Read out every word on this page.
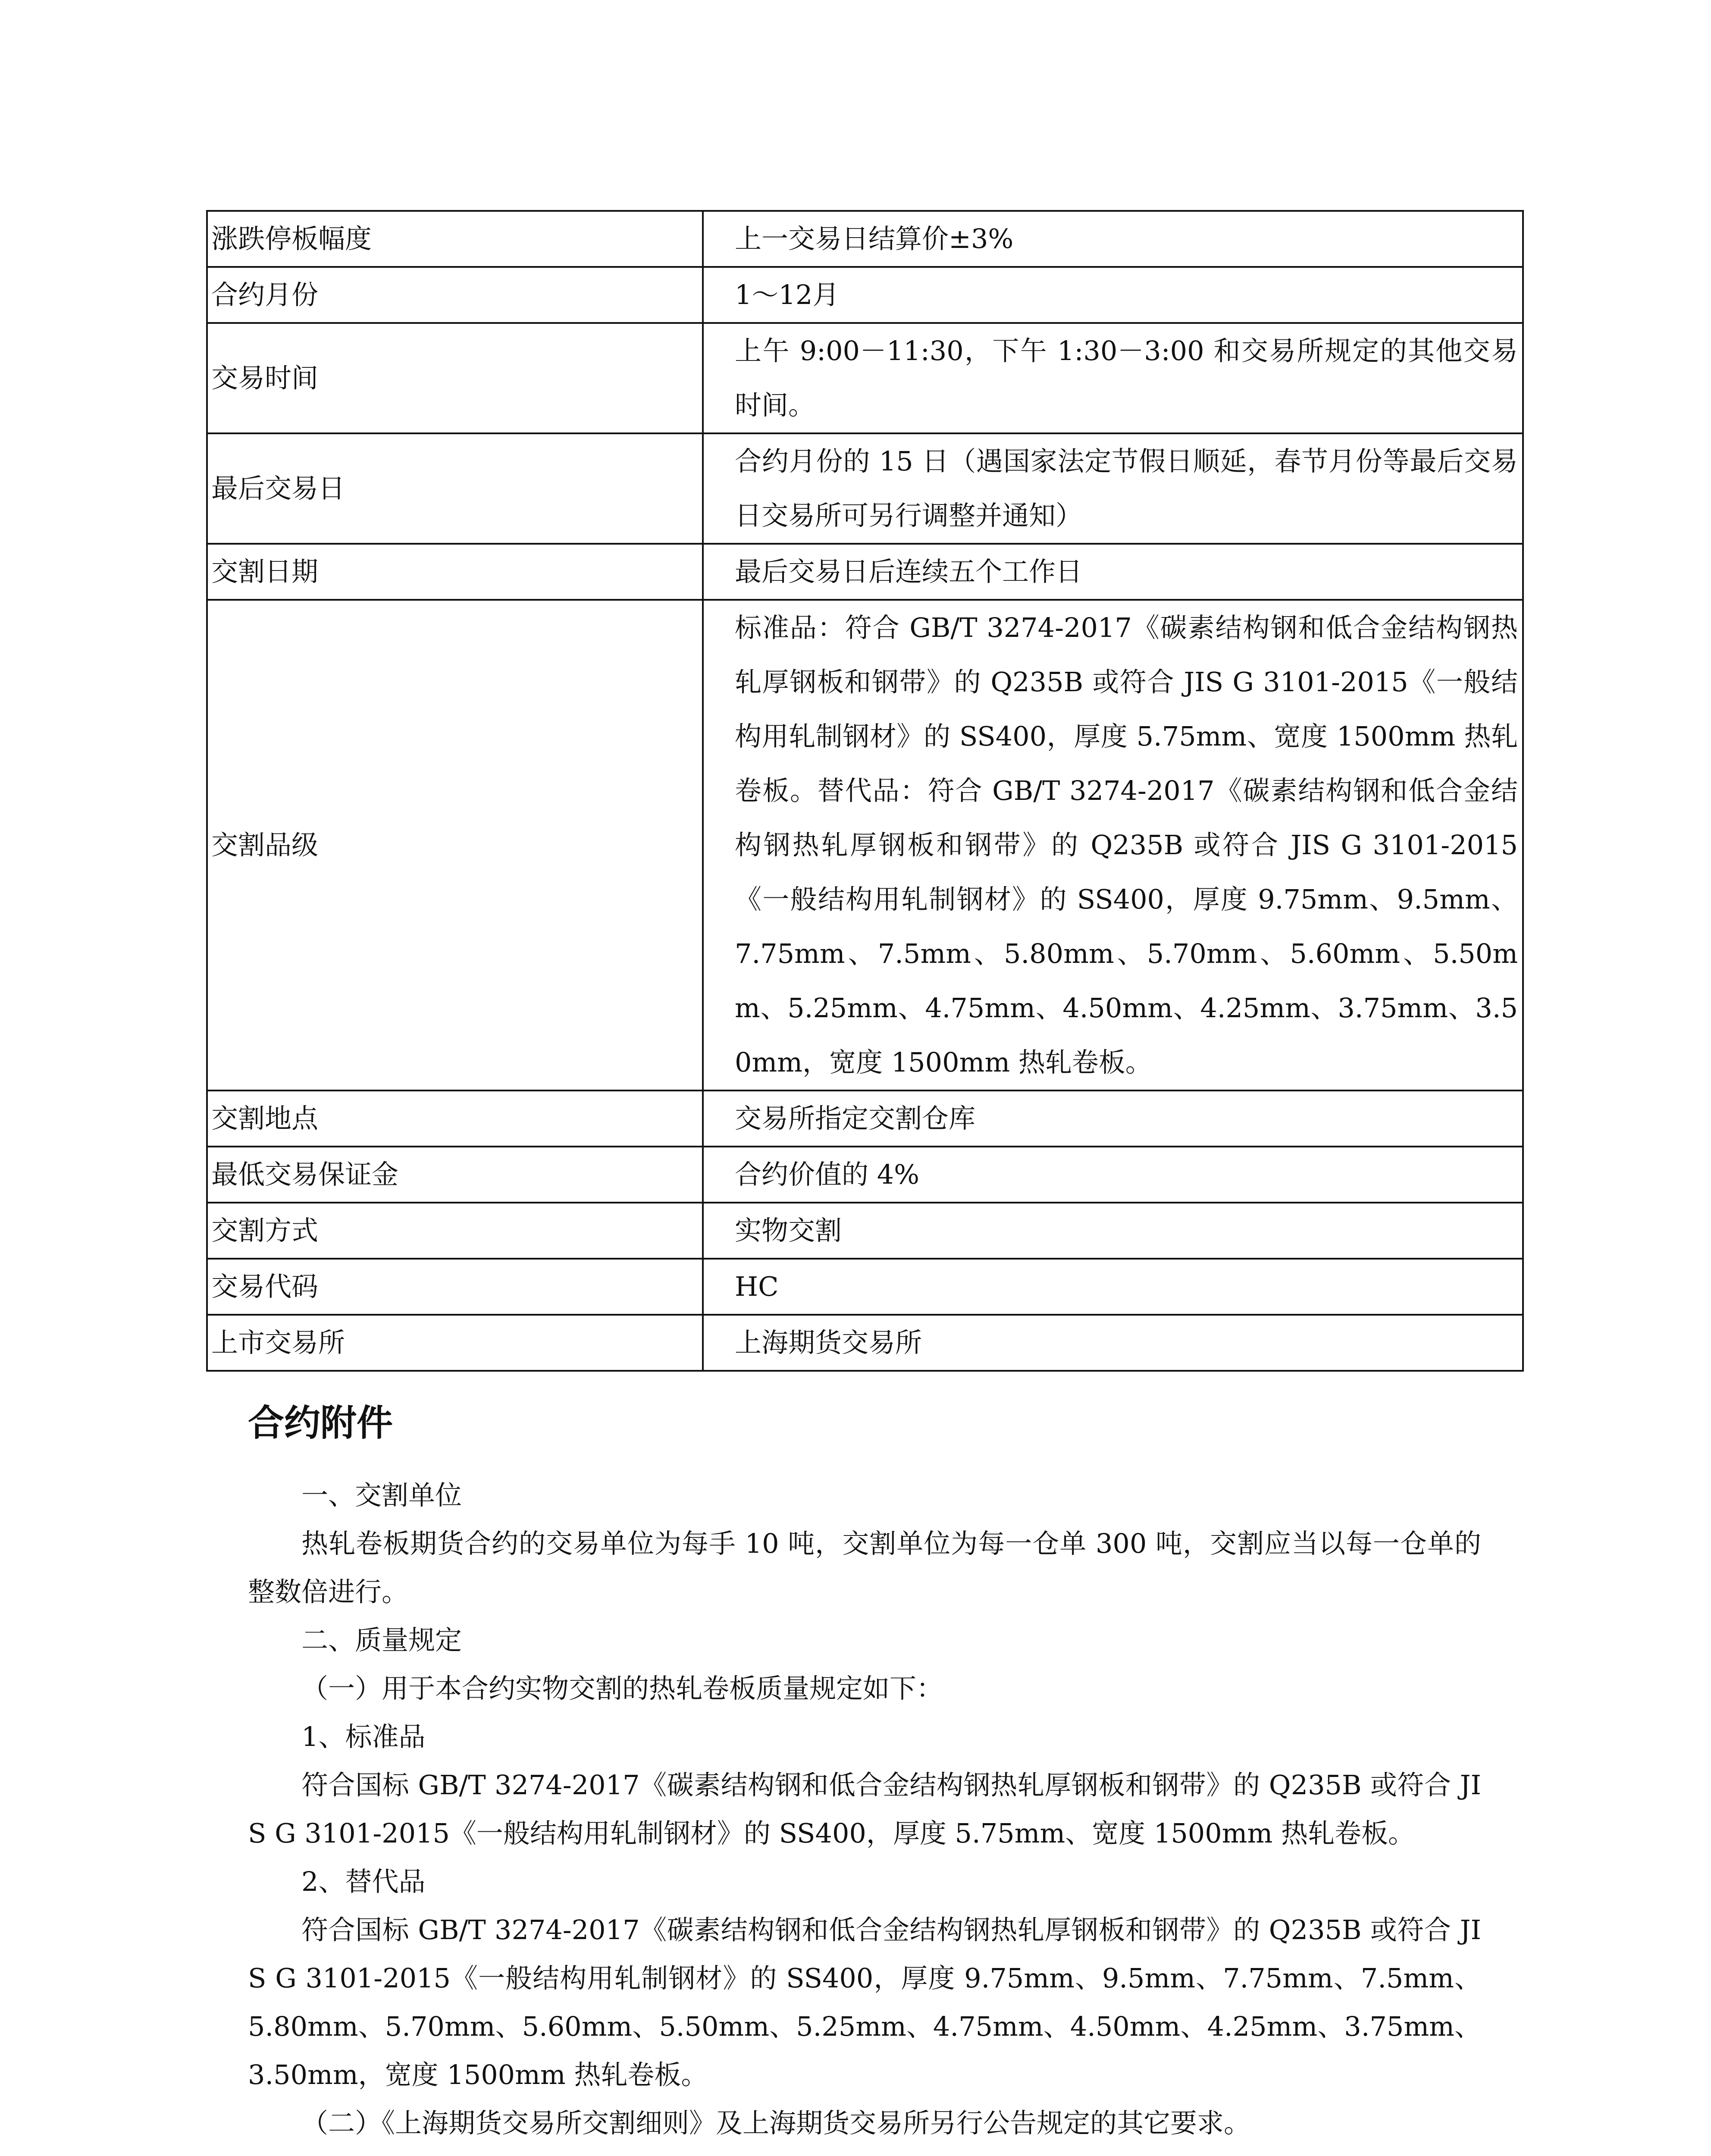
涨跌停板幅度	上一交易日结算价±3%
合约月份	1～12月
交易时间	上午 9:00－11:30，下午 1:30－3:00 和交易所规定的其他交易时间。
最后交易日	合约月份的 15 日（遇国家法定节假日顺延，春节月份等最后交易日交易所可另行调整并通知）
交割日期	最后交易日后连续五个工作日
交割品级	标准品：符合 GB/T 3274-2017《碳素结构钢和低合金结构钢热轧厚钢板和钢带》的 Q235B 或符合 JIS G 3101-2015《一般结构用轧制钢材》的 SS400，厚度 5.75mm、宽度 1500mm 热轧卷板。替代品：符合 GB/T 3274-2017《碳素结构钢和低合金结构钢热轧厚钢板和钢带》的 Q235B 或符合 JIS G 3101-2015《一般结构用轧制钢材》的 SS400，厚度 9.75mm、9.5mm、7.75mm、7.5mm、5.80mm、5.70mm、5.60mm、5.50mm、5.25mm、4.75mm、4.50mm、4.25mm、3.75mm、3.50mm，宽度 1500mm 热轧卷板。
交割地点	交易所指定交割仓库
最低交易保证金	合约价值的 4%
交割方式	实物交割
交易代码	HC
上市交易所	上海期货交易所
合约附件

一、交割单位

热轧卷板期货合约的交易单位为每手 10 吨，交割单位为每一仓单 300 吨，交割应当以每一仓单的整数倍进行。

二、质量规定

（一）用于本合约实物交割的热轧卷板质量规定如下：

1、标准品

符合国标 GB/T 3274-2017《碳素结构钢和低合金结构钢热轧厚钢板和钢带》的 Q235B 或符合 JIS G 3101-2015《一般结构用轧制钢材》的 SS400，厚度 5.75mm、宽度 1500mm 热轧卷板。

2、替代品

符合国标 GB/T 3274-2017《碳素结构钢和低合金结构钢热轧厚钢板和钢带》的 Q235B 或符合 JIS G 3101-2015《一般结构用轧制钢材》的 SS400，厚度 9.75mm、9.5mm、7.75mm、7.5mm、5.80mm、5.70mm、5.60mm、5.50mm、5.25mm、4.75mm、4.50mm、4.25mm、3.75mm、3.50mm，宽度 1500mm 热轧卷板。

（二）《上海期货交易所交割细则》及上海期货交易所另行公告规定的其它要求。
